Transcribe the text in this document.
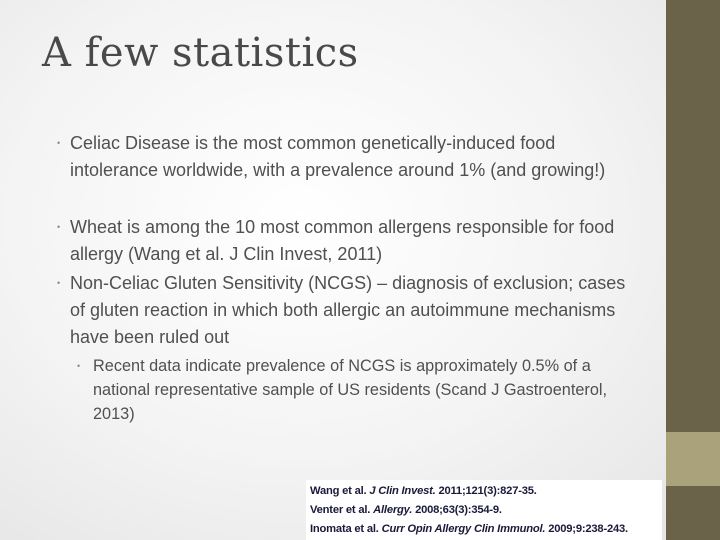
A few statistics
• Celiac Disease is the most common genetically-induced food intolerance worldwide, with a prevalence around 1% (and growing!)
• Wheat is among the 10 most common allergens responsible for food allergy (Wang et al. J Clin Invest, 2011)
• Non-Celiac Gluten Sensitivity (NCGS) – diagnosis of exclusion; cases of gluten reaction in which both allergic an autoimmune mechanisms have been ruled out
• Recent data indicate prevalence of NCGS is approximately 0.5% of a national representative sample of US residents (Scand J Gastroenterol, 2013)
Wang et al. J Clin Invest. 2011;121(3):827-35.
Venter et al. Allergy. 2008;63(3):354-9.
Inomata et al. Curr Opin Allergy Clin Immunol. 2009;9:238-243.
